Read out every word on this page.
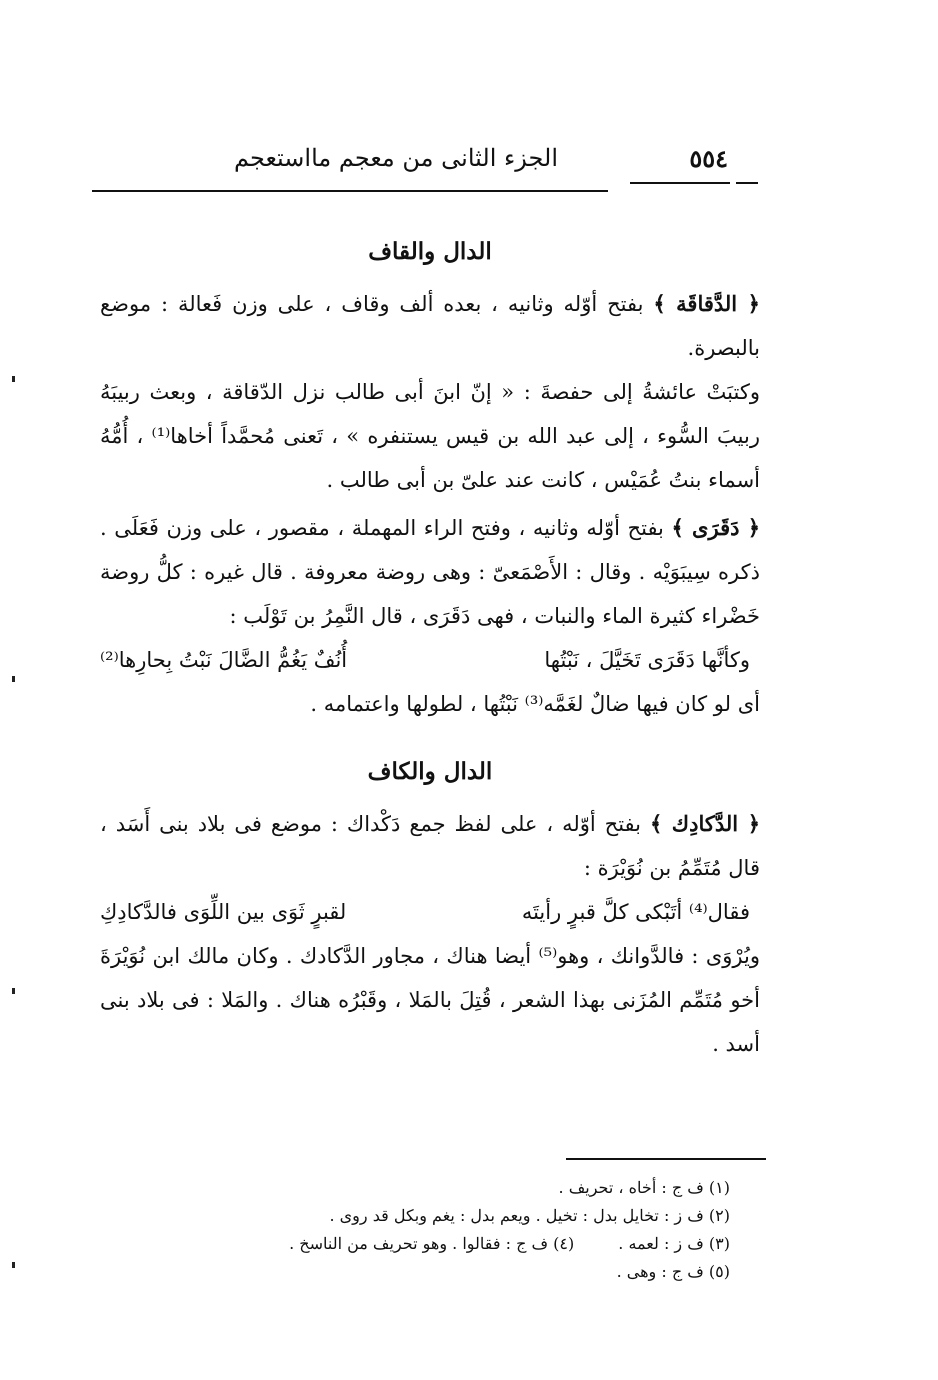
٥٥٤
الجزء الثانى من معجم مااستعجم
الدال والقاف

﴿ الدَّقاقَة ﴾ بفتح أوّله وثانيه ، بعده ألف وقاف ، على وزن فَعالة : موضع بالبصرة.

وكتبَتْ عائشةُ إلى حفصةَ : « إنّ ابنَ أبى طالب نزل الدّقاقة ، وبعث ربيبَهُ ربيبَ السُّوء ، إلى عبد الله بن قيس يستنفره » ، تَعنى مُحمَّداً أخاها⁽¹⁾ ، أُمُّهُ أسماء بنتُ عُمَيْس ، كانت عند علىّ بن أبى طالب .

﴿ دَقَرَى ﴾ بفتح أوّله وثانيه ، وفتح الراء المهملة ، مقصور ، على وزن فَعَلَى . ذكره سِيبَوَيْه . وقال : الأَصْمَعىّ : وهى روضة معروفة . قال غيره : كلُّ روضة خَضْراء كثيرة الماء والنبات ، فهى دَقَرَى ، قال النَّمِرُ بن تَوْلَب :

وكأنَّها دَقَرَى تَخَيَّلَ ، نَبْتُها
أُنُفٌ يَغُمُّ الضَّالَ نَبْتُ بِحارِها⁽²⁾

أى لو كان فيها ضالٌ لغَمَّه⁽³⁾ نَبْتُها ، لطولها واعتمامه .

الدال والكاف

﴿ الدَّكادِك ﴾ بفتح أوّله ، على لفظ جمع دَكْداك : موضع فى بلاد بنى أَسَد ، قال مُتَمِّمُ بن نُوَيْرَة :

فقال⁽⁴⁾ أتَبْكى كلَّ قبرٍ رأيتَه
لقبرٍ ثَوَى بين اللِّوَى فالدَّكادِكِ

ويُرْوَى : فالدَّوانك ، وهو⁽⁵⁾ أيضا هناك ، مجاور الدَّكادك . وكان مالك ابن نُوَيْرَةَ أخو مُتَمِّم المُزَنى بهذا الشعر ، قُتِلَ بالمَلا ، وقَبْرُه هناك . والمَلا : فى بلاد بنى أسد .

(١) ف ج : أخاه ، تحريف .
(٢) ف ز : تخايل بدل : تخيل . ويعم بدل : يغم وبكل قد روى .
(٣) ف ز : لعمه .
(٤) ف ج : فقالوا . وهو تحريف من الناسخ .
(٥) ف ج : وهى .
